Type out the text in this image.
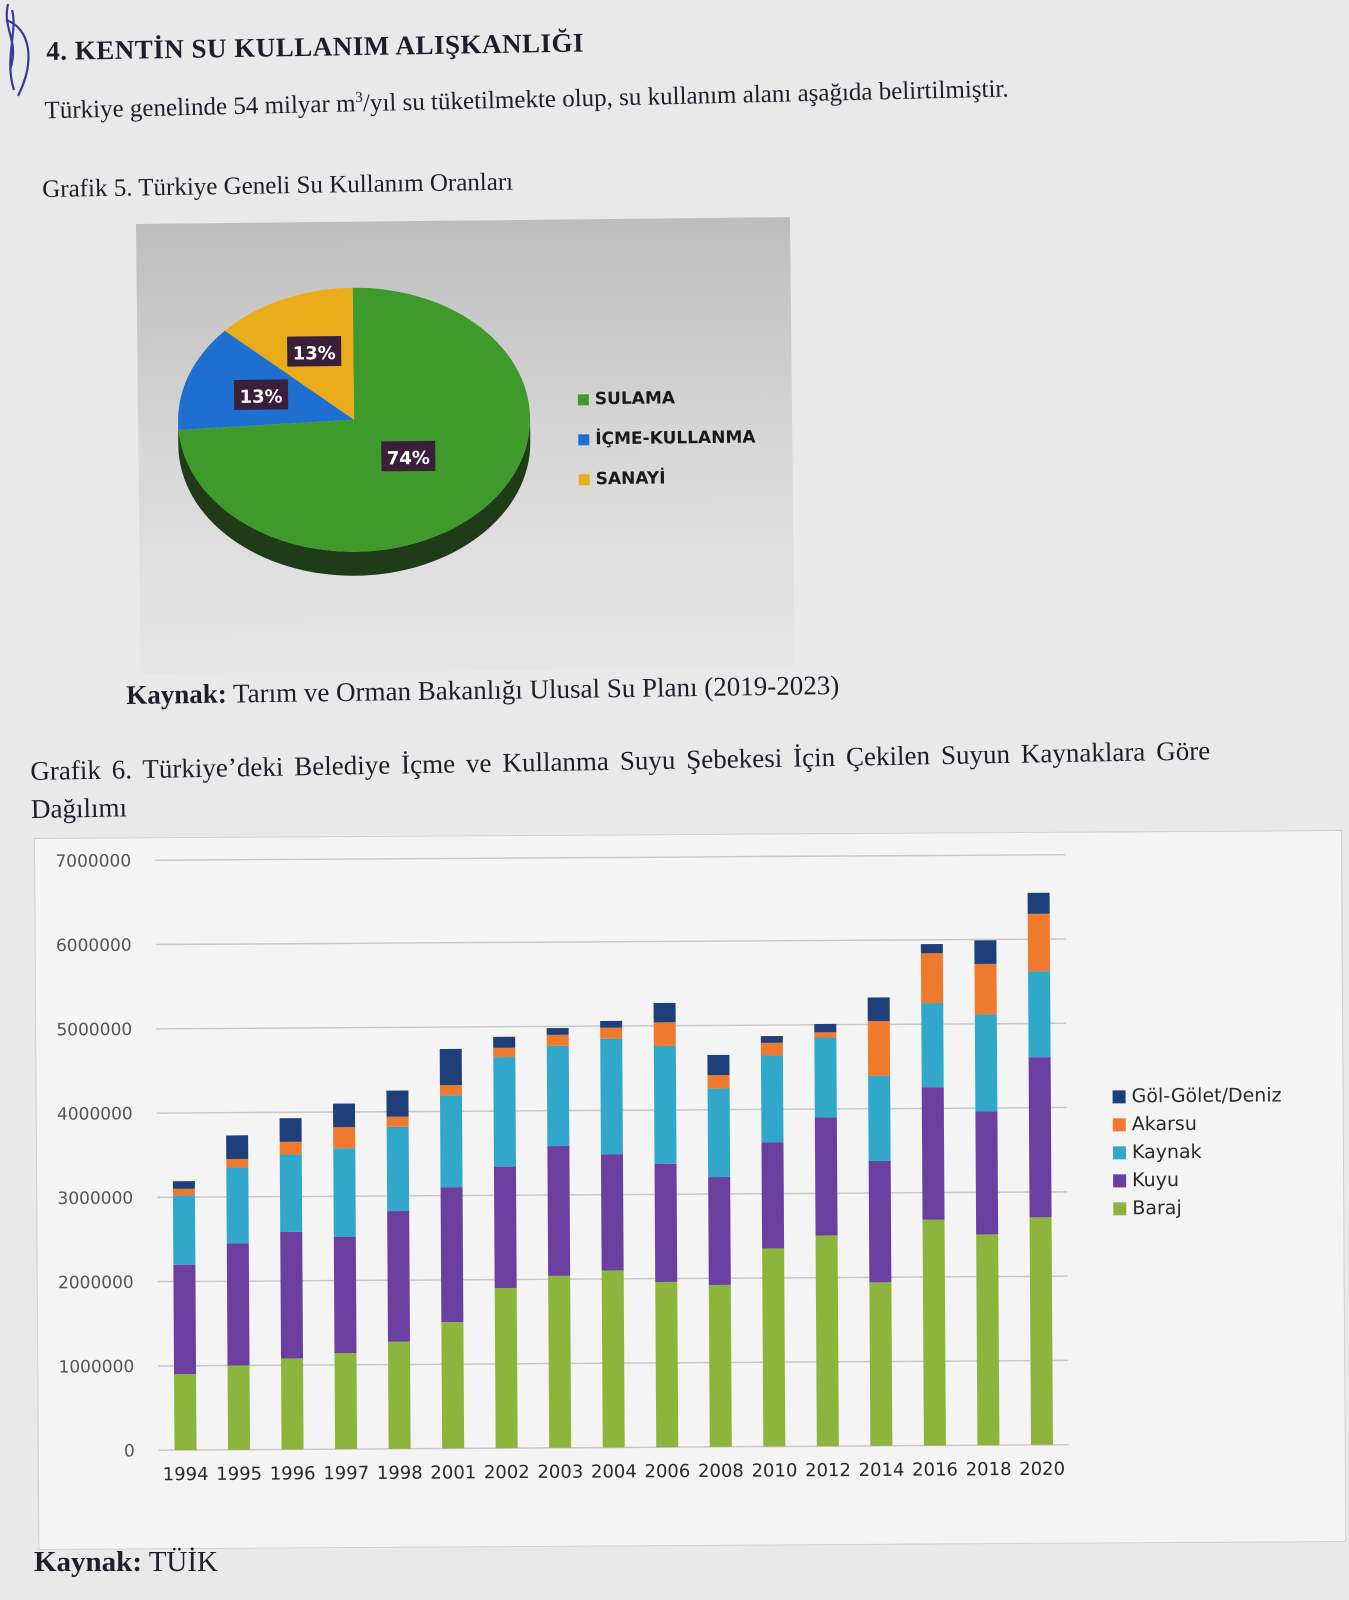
4. KENTİN SU KULLANIM ALIŞKANLIĞI
Türkiye genelinde 54 milyar $m^3$/yıl su tüketilmekte olup, su kullanım alanı aşağıda belirtilmiştir.
Grafik 5. Türkiye Geneli Su Kullanım Oranları
74%
13%
13%
SULAMA
İÇME-KULLANMA
SANAYİ
Kaynak: Tarım ve Orman Bakanlığı Ulusal Su Planı (2019-2023)
Grafik 6. Türkiye’deki Belediye İçme ve Kullanma Suyu Şebekesi İçin Çekilen Suyun Kaynaklara Göre Dağılımı
7000000
6000000
5000000
4000000
3000000
2000000
1000000
0
1994 1995 1996 1997 1998 2001 2002 2003 2004 2006 2008 2010 2012 2014 2016 2018 2020
Göl-Gölet/Deniz
Akarsu
Kaynak
Kuyu
Baraj
Kaynak: TÜİK
